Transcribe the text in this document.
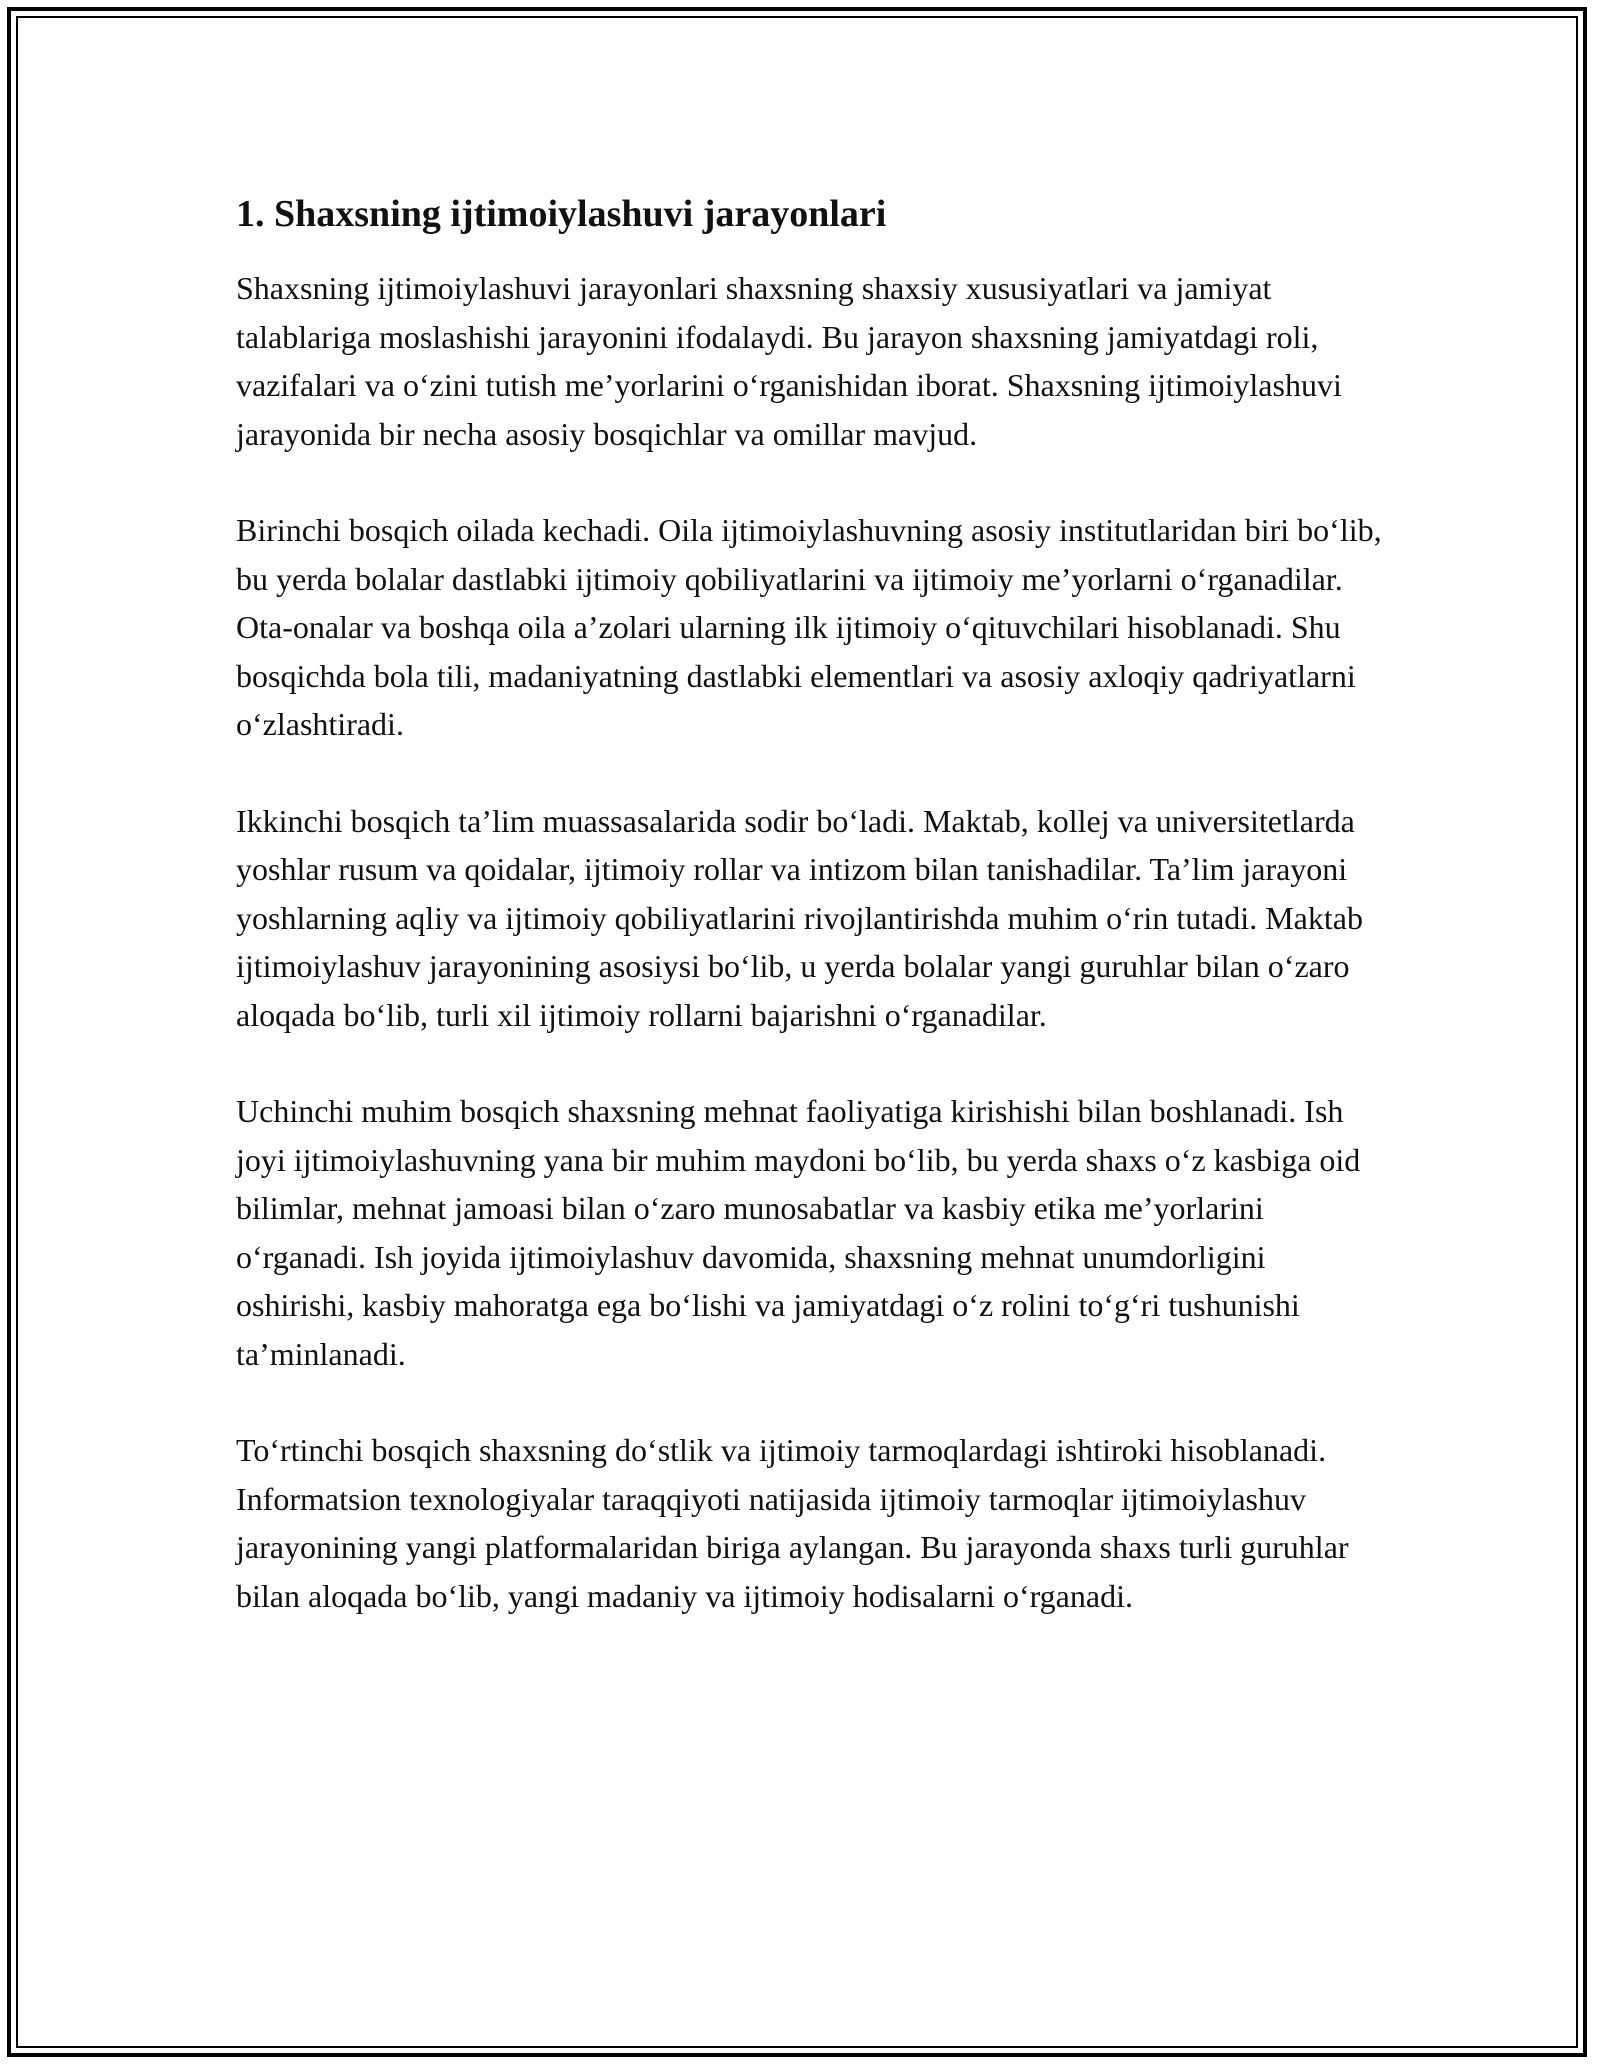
1. Shaxsning ijtimoiylashuvi jarayonlari

Shaxsning ijtimoiylashuvi jarayonlari shaxsning shaxsiy xususiyatlari va jamiyat talablariga moslashishi jarayonini ifodalaydi. Bu jarayon shaxsning jamiyatdagi roli, vazifalari va o‘zini tutish me’yorlarini o‘rganishidan iborat. Shaxsning ijtimoiylashuvi jarayonida bir necha asosiy bosqichlar va omillar mavjud.

Birinchi bosqich oilada kechadi. Oila ijtimoiylashuvning asosiy institutlaridan biri bo‘lib, bu yerda bolalar dastlabki ijtimoiy qobiliyatlarini va ijtimoiy me’yorlarni o‘rganadilar. Ota-onalar va boshqa oila a’zolari ularning ilk ijtimoiy o‘qituvchilari hisoblanadi. Shu bosqichda bola tili, madaniyatning dastlabki elementlari va asosiy axloqiy qadriyatlarni o‘zlashtiradi.

Ikkinchi bosqich ta’lim muassasalarida sodir bo‘ladi. Maktab, kollej va universitetlarda yoshlar rusum va qoidalar, ijtimoiy rollar va intizom bilan tanishadilar. Ta’lim jarayoni yoshlarning aqliy va ijtimoiy qobiliyatlarini rivojlantirishda muhim o‘rin tutadi. Maktab ijtimoiylashuv jarayonining asosiysi bo‘lib, u yerda bolalar yangi guruhlar bilan o‘zaro aloqada bo‘lib, turli xil ijtimoiy rollarni bajarishni o‘rganadilar.

Uchinchi muhim bosqich shaxsning mehnat faoliyatiga kirishishi bilan boshlanadi. Ish joyi ijtimoiylashuvning yana bir muhim maydoni bo‘lib, bu yerda shaxs o‘z kasbiga oid bilimlar, mehnat jamoasi bilan o‘zaro munosabatlar va kasbiy etika me’yorlarini o‘rganadi. Ish joyida ijtimoiylashuv davomida, shaxsning mehnat unumdorligini oshirishi, kasbiy mahoratga ega bo‘lishi va jamiyatdagi o‘z rolini to‘g‘ri tushunishi ta’minlanadi.

To‘rtinchi bosqich shaxsning do‘stlik va ijtimoiy tarmoqlardagi ishtiroki hisoblanadi. Informatsion texnologiyalar taraqqiyoti natijasida ijtimoiy tarmoqlar ijtimoiylashuv jarayonining yangi platformalaridan biriga aylangan. Bu jarayonda shaxs turli guruhlar bilan aloqada bo‘lib, yangi madaniy va ijtimoiy hodisalarni o‘rganadi.
